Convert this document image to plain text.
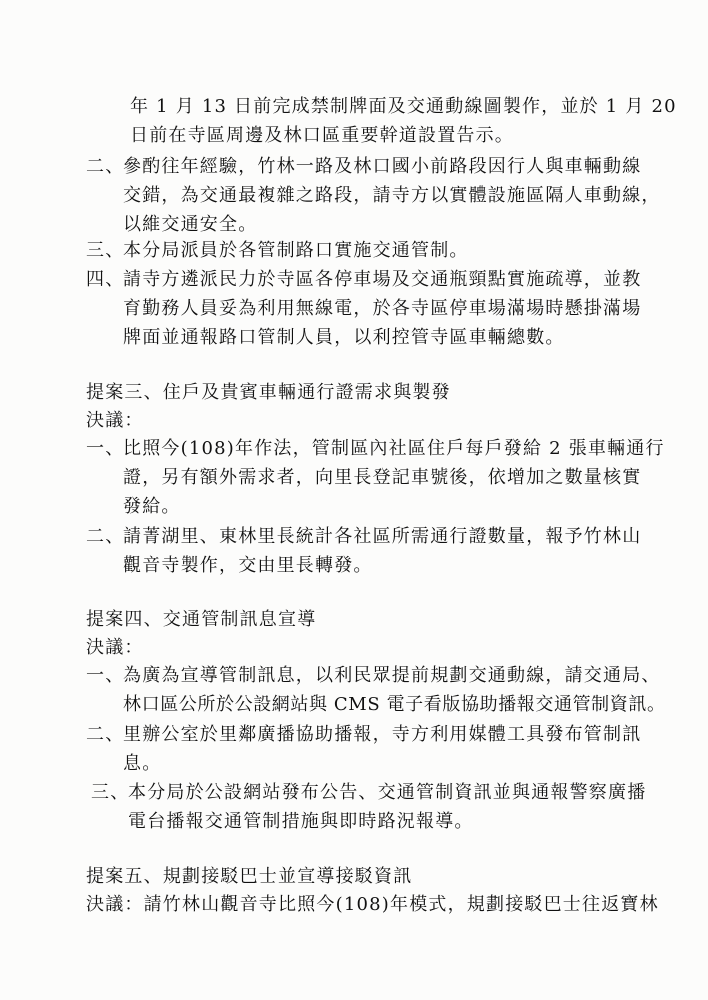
年 1 月 13 日前完成禁制牌面及交通動線圖製作，並於 1 月 20
日前在寺區周邊及林口區重要幹道設置告示。
二、
參酌往年經驗，竹林一路及林口國小前路段因行人與車輛動線
交錯，為交通最複雜之路段，請寺方以實體設施區隔人車動線，
以維交通安全。
三、
本分局派員於各管制路口實施交通管制。
四、
請寺方遴派民力於寺區各停車場及交通瓶頸點實施疏導，並教
育勤務人員妥為利用無線電，於各寺區停車場滿場時懸掛滿場
牌面並通報路口管制人員，以利控管寺區車輛總數。
提案三、住戶及貴賓車輛通行證需求與製發
決議：
一、
比照今(108)年作法，管制區內社區住戶每戶發給 2 張車輛通行
證，另有額外需求者，向里長登記車號後，依增加之數量核實
發給。
二、
請菁湖里、東林里長統計各社區所需通行證數量，報予竹林山
觀音寺製作，交由里長轉發。
提案四、交通管制訊息宣導
決議：
一、
為廣為宣導管制訊息，以利民眾提前規劃交通動線，請交通局、
林口區公所於公設網站與 CMS 電子看版協助播報交通管制資訊。
二、
里辦公室於里鄰廣播協助播報，寺方利用媒體工具發布管制訊
息。
三、
本分局於公設網站發布公告、交通管制資訊並與通報警察廣播
電台播報交通管制措施與即時路況報導。
提案五、規劃接駁巴士並宣導接駁資訊
決議：請竹林山觀音寺比照今(108)年模式，規劃接駁巴士往返寶林
